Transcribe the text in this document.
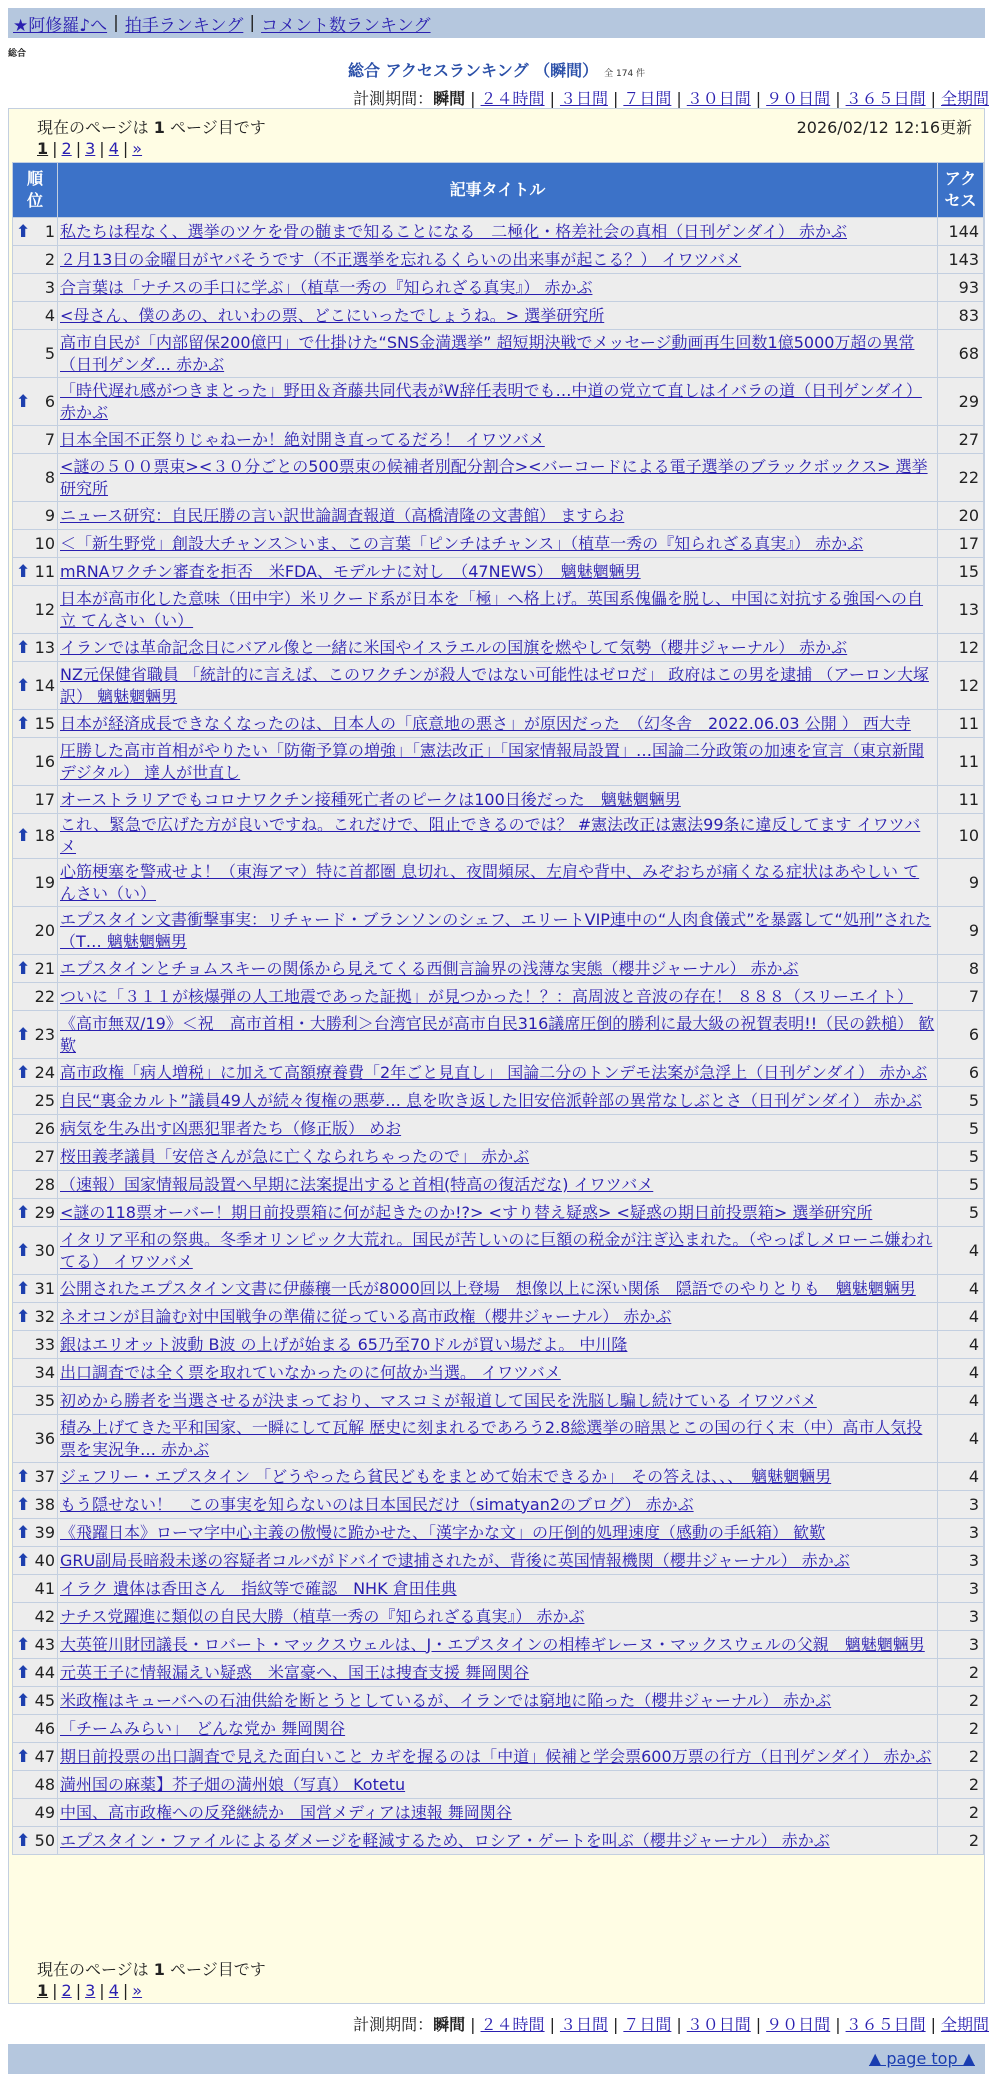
★阿修羅♪へ | 拍手ランキング | コメント数ランキング
総合
総合 アクセスランキング （瞬間） 全 174 件
計測期間：瞬間 | ２４時間 | ３日間 | ７日間 | ３０日間 | ９０日間 | ３６５日間 | 全期間
現在のページは 1 ページ目です	2026/02/12 12:16更新
1 | 2 | 3 | 4 | »
現在のページは 1 ページ目です
1 | 2 | 3 | 4 | »
順
位	記事タイトル	アク
セス

⬆ 1	私たちは程なく、選挙のツケを骨の髄まで知ることになる　二極化・格差社会の真相（日刊ゲンダイ） 赤かぶ	144
2	２月13日の金曜日がヤバそうです（不正選挙を忘れるくらいの出来事が起こる？） イワツバメ	143
3	合言葉は「ナチスの手口に学ぶ」（植草一秀の『知られざる真実』） 赤かぶ	93
4	<母さん、僕のあの、れいわの票、どこにいったでしょうね。> 選挙研究所	83
5	高市自民が「内部留保200億円」で仕掛けた“SNS金満選挙” 超短期決戦でメッセージ動画再生回数1億5000万超の異常（日刊ゲンダ… 赤かぶ	68

⬆ 6	「時代遅れ感がつきまとった」野田＆斉藤共同代表がW辞任表明でも…中道の党立て直しはイバラの道（日刊ゲンダイ） 赤かぶ	29
7	日本全国不正祭りじゃねーか！絶対開き直ってるだろ！ イワツバメ	27
8	<謎の５００票束><３０分ごとの500票束の候補者別配分割合><バーコードによる電子選挙のブラックボックス> 選挙研究所	22
9	ニュース研究：自民圧勝の言い訳世論調査報道（高橋清隆の文書館） ますらお	20
10	＜「新生野党」創設大チャンス＞いま、この言葉「ピンチはチャンス」（植草一秀の『知られざる真実』） 赤かぶ	17

⬆ 11	mRNAワクチン審査を拒否　米FDA、モデルナに対し　（47NEWS）　魑魅魍魎男	15
12	日本が高市化した意味（田中宇）米リクード系が日本を「極」へ格上げ。英国系傀儡を脱し、中国に対抗する強国への自立 てんさい（い）	13

⬆ 13	イランでは革命記念日にバアル像と一緒に米国やイスラエルの国旗を燃やして気勢（櫻井ジャーナル） 赤かぶ	12

⬆ 14	NZ元保健省職員 「統計的に言えば、このワクチンが殺人ではない可能性はゼロだ」 政府はこの男を逮捕 （アーロン大塚訳） 魑魅魍魎男	12

⬆ 15	日本が経済成長できなくなったのは、日本人の「底意地の悪さ」が原因だった　（幻冬舎　2022.06.03 公開 ） 西大寺	11
16	圧勝した高市首相がやりたい「防衛予算の増強」「憲法改正」「国家情報局設置」…国論二分政策の加速を宣言（東京新聞デジタル） 達人が世直し	11
17	オーストラリアでもコロナワクチン接種死亡者のピークは100日後だった　魑魅魍魎男	11

⬆ 18	これ、緊急で広げた方が良いですね。これだけで、阻止できるのでは？ #憲法改正は憲法99条に違反してます イワツバメ	10
19	心筋梗塞を警戒せよ！（東海アマ）特に首都圏 息切れ、夜間頻尿、左肩や背中、みぞおちが痛くなる症状はあやしい てんさい（い）	9
20	エプスタイン文書衝撃事実：リチャード・ブランソンのシェフ、エリートVIP連中の“人肉食儀式”を暴露して“処刑”された（T… 魑魅魍魎男	9

⬆ 21	エプスタインとチョムスキーの関係から見えてくる西側言論界の浅薄な実態（櫻井ジャーナル） 赤かぶ	8
22	ついに「３１１が核爆弾の人工地震であった証拠」が見つかった！？：高周波と音波の存在！ ８８８（スリーエイト）	7

⬆ 23	《高市無双/19》＜祝　高市首相・大勝利＞台湾官民が高市自民316議席圧倒的勝利に最大級の祝賀表明!!（民の鉄槌） 歓歎	6

⬆ 24	高市政権「病人増税」に加えて高額療養費「2年ごと見直し」 国論二分のトンデモ法案が急浮上（日刊ゲンダイ） 赤かぶ	6
25	自民“裏金カルト”議員49人が続々復権の悪夢… 息を吹き返した旧安倍派幹部の異常なしぶとさ（日刊ゲンダイ） 赤かぶ	5
26	病気を生み出す凶悪犯罪者たち（修正版） めお	5
27	桜田義孝議員「安倍さんが急に亡くなられちゃったので」 赤かぶ	5
28	（速報）国家情報局設置へ早期に法案提出すると首相(特高の復活だな) イワツバメ	5

⬆ 29	<謎の118票オーバー！期日前投票箱に何が起きたのか!?> <すり替え疑惑> <疑惑の期日前投票箱> 選挙研究所	5

⬆ 30	イタリア平和の祭典。冬季オリンピック大荒れ。国民が苦しいのに巨額の税金が注ぎ込まれた。（やっぱしメローニ嫌われてる） イワツバメ	4

⬆ 31	公開されたエプスタイン文書に伊藤穰一氏が8000回以上登場　想像以上に深い関係　隠語でのやりとりも　魑魅魍魎男	4

⬆ 32	ネオコンが目論む対中国戦争の準備に従っている高市政権（櫻井ジャーナル） 赤かぶ	4
33	銀はエリオット波動 B波 の上げが始まる 65乃至70ドルが買い場だよ。 中川隆	4
34	出口調査では全く票を取れていなかったのに何故か当選。 イワツバメ	4
35	初めから勝者を当選させるが決まっており、マスコミが報道して国民を洗脳し騙し続けている イワツバメ	4
36	積み上げてきた平和国家、一瞬にして瓦解 歴史に刻まれるであろう2.8総選挙の暗黒とこの国の行く末（中）高市人気投票を実況争… 赤かぶ	4

⬆ 37	ジェフリー・エプスタイン 「どうやったら貧民どもをまとめて始末できるか」　その答えは、、、　魑魅魍魎男	4

⬆ 38	もう隠せない！　この事実を知らないのは日本国民だけ（simatyan2のブログ） 赤かぶ	3

⬆ 39	《飛躍日本》ローマ字中心主義の傲慢に跪かせた、「漢字かな文」の圧倒的処理速度（感動の手紙箱） 歓歎	3

⬆ 40	GRU副局長暗殺未遂の容疑者コルバがドバイで逮捕されたが、背後に英国情報機関（櫻井ジャーナル） 赤かぶ	3
41	イラク 遺体は香田さん　指紋等で確認　NHK 倉田佳典	3
42	ナチス党躍進に類似の自民大勝（植草一秀の『知られざる真実』） 赤かぶ	3

⬆ 43	大英笹川財団議長・ロバート・マックスウェルは、J・エプスタインの相棒ギレーヌ・マックスウェルの父親　魑魅魍魎男	3

⬆ 44	元英王子に情報漏えい疑惑　米富豪へ、国王は捜査支援 舞岡関谷	2

⬆ 45	米政権はキューバへの石油供給を断とうとしているが、イランでは窮地に陥った（櫻井ジャーナル） 赤かぶ	2
46	「チームみらい」　どんな党か 舞岡関谷	2

⬆ 47	期日前投票の出口調査で見えた面白いこと カギを握るのは「中道」候補と学会票600万票の行方（日刊ゲンダイ） 赤かぶ	2
48	満州国の麻薬】芥子畑の満州娘（写真） Kotetu	2
49	中国、高市政権への反発継続か　国営メディアは速報 舞岡関谷	2

⬆ 50	エプスタイン・ファイルによるダメージを軽減するため、ロシア・ゲートを叫ぶ（櫻井ジャーナル） 赤かぶ	2
計測期間：瞬間 | ２４時間 | ３日間 | ７日間 | ３０日間 | ９０日間 | ３６５日間 | 全期間
▲ page top ▲
